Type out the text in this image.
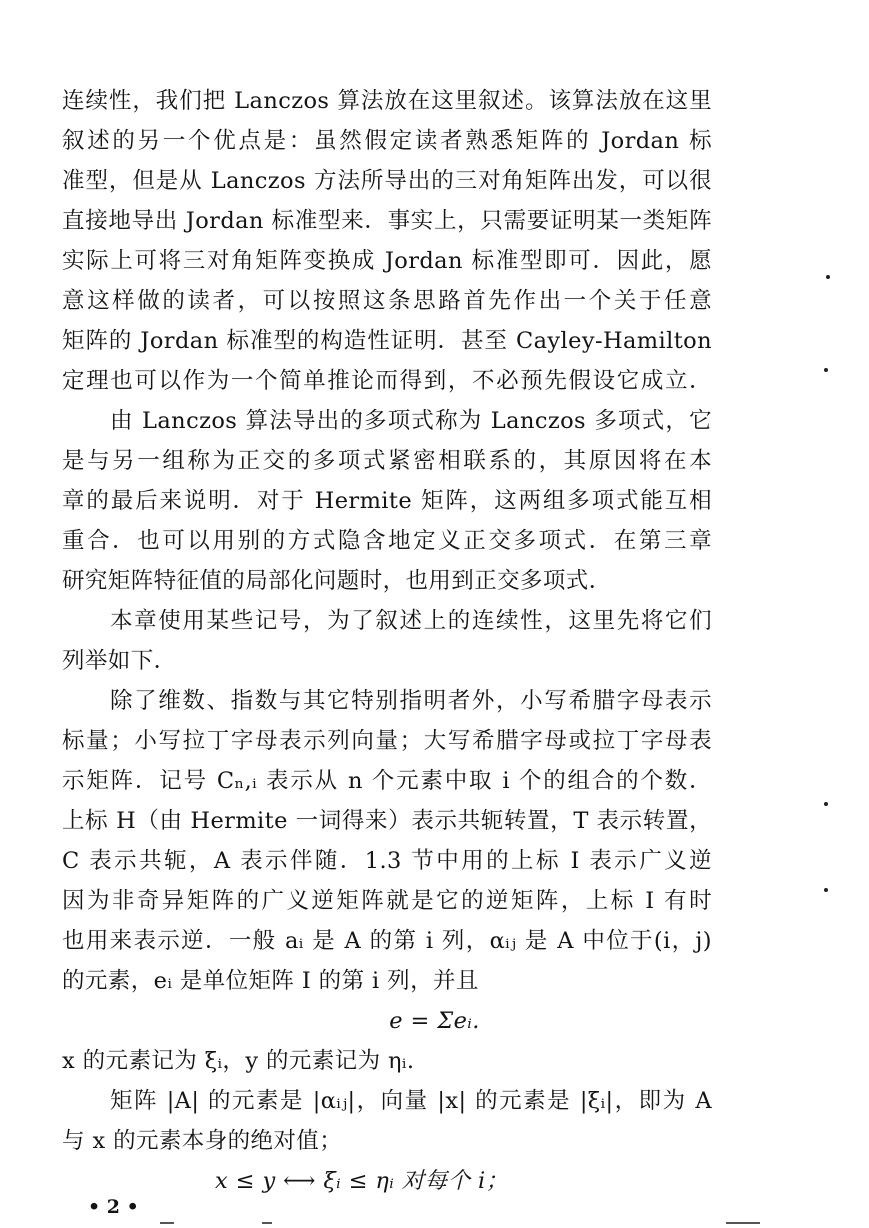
连续性，我们把 Lanczos 算法放在这里叙述。该算法放在这里
叙述的另一个优点是：虽然假定读者熟悉矩阵的 Jordan 标
准型，但是从 Lanczos 方法所导出的三对角矩阵出发，可以很
直接地导出 Jordan 标准型来．事实上，只需要证明某一类矩阵
实际上可将三对角矩阵变换成 Jordan 标准型即可．因此，愿
意这样做的读者，可以按照这条思路首先作出一个关于任意
矩阵的 Jordan 标准型的构造性证明．甚至 Cayley-Hamilton
定理也可以作为一个简单推论而得到，不必预先假设它成立．
由 Lanczos 算法导出的多项式称为 Lanczos 多项式，它
是与另一组称为正交的多项式紧密相联系的，其原因将在本
章的最后来说明．对于 Hermite 矩阵，这两组多项式能互相
重合．也可以用别的方式隐含地定义正交多项式．在第三章
研究矩阵特征值的局部化问题时，也用到正交多项式．
本章使用某些记号，为了叙述上的连续性，这里先将它们
列举如下．
除了维数、指数与其它特别指明者外，小写希腊字母表示
标量；小写拉丁字母表示列向量；大写希腊字母或拉丁字母表
示矩阵．记号 Cₙ,ᵢ 表示从 n 个元素中取 i 个的组合的个数．
上标 H（由 Hermite 一词得来）表示共轭转置，T 表示转置，
C 表示共轭，A 表示伴随．1.3 节中用的上标 I 表示广义逆
因为非奇异矩阵的广义逆矩阵就是它的逆矩阵，上标 I 有时
也用来表示逆．一般 aᵢ 是 A 的第 i 列，αᵢⱼ 是 A 中位于(i，j)
的元素，eᵢ 是单位矩阵 I 的第 i 列，并且
e = Σeᵢ.
x 的元素记为 ξᵢ，y 的元素记为 ηᵢ.
矩阵 |A| 的元素是 |αᵢⱼ|，向量 |x| 的元素是 |ξᵢ|，即为 A
与 x 的元素本身的绝对值；
x ≤ y ⟷ ξᵢ ≤ ηᵢ 对每个 i；
• 2 •
